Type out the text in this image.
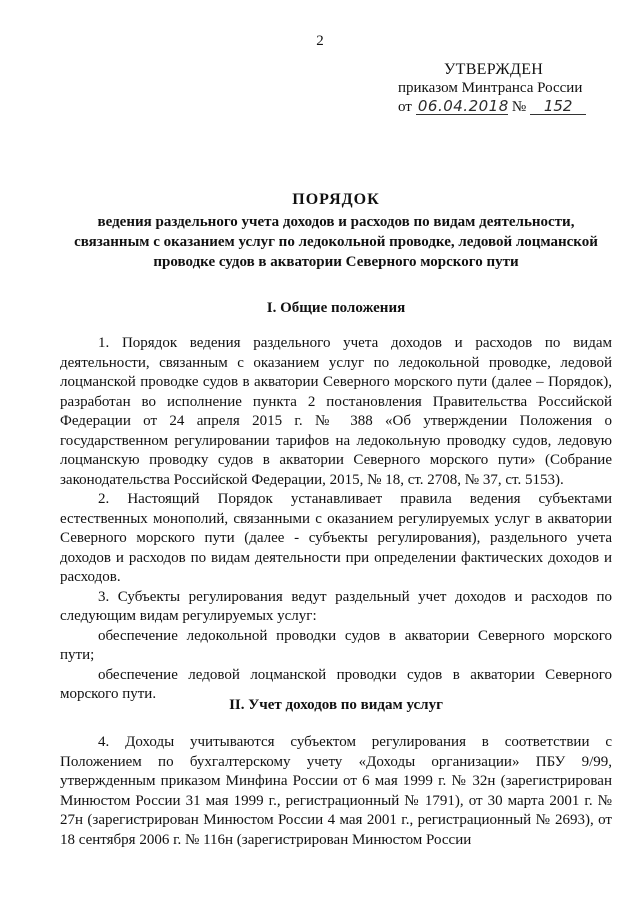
2
УТВЕРЖДЕН
приказом Минтранса России
от 06.04.2018 №	152
ПОРЯДОК
ведения раздельного учета доходов и расходов по видам деятельности, связанным с оказанием услуг по ледокольной проводке, ледовой лоцманской проводке судов в акватории Северного морского пути
I. Общие положения

1. Порядок ведения раздельного учета доходов и расходов по видам деятельности, связанным с оказанием услуг по ледокольной проводке, ледовой лоцманской проводке судов в акватории Северного морского пути (далее – Порядок), разработан во исполнение пункта 2 постановления Правительства Российской Федерации от 24 апреля 2015 г. № 388 «Об утверждении Положения о государственном регулировании тарифов на ледокольную проводку судов, ледовую лоцманскую проводку судов в акватории Северного морского пути» (Собрание законодательства Российской Федерации, 2015, № 18, ст. 2708, № 37, ст. 5153).

2. Настоящий Порядок устанавливает правила ведения субъектами естественных монополий, связанными с оказанием регулируемых услуг в акватории Северного морского пути (далее - субъекты регулирования), раздельного учета доходов и расходов по видам деятельности при определении фактических доходов и расходов.

3. Субъекты регулирования ведут раздельный учет доходов и расходов по следующим видам регулируемых услуг:

обеспечение ледокольной проводки судов в акватории Северного морского пути;

обеспечение ледовой лоцманской проводки судов в акватории Северного морского пути.

II. Учет доходов по видам услуг

4. Доходы учитываются субъектом регулирования в соответствии с Положением по бухгалтерскому учету «Доходы организации» ПБУ 9/99, утвержденным приказом Минфина России от 6 мая 1999 г. № 32н (зарегистрирован Минюстом России 31 мая 1999 г., регистрационный № 1791), от 30 марта 2001 г. № 27н (зарегистрирован Минюстом России 4 мая 2001 г., регистрационный № 2693), от 18 сентября 2006 г. № 116н (зарегистрирован Минюстом России
